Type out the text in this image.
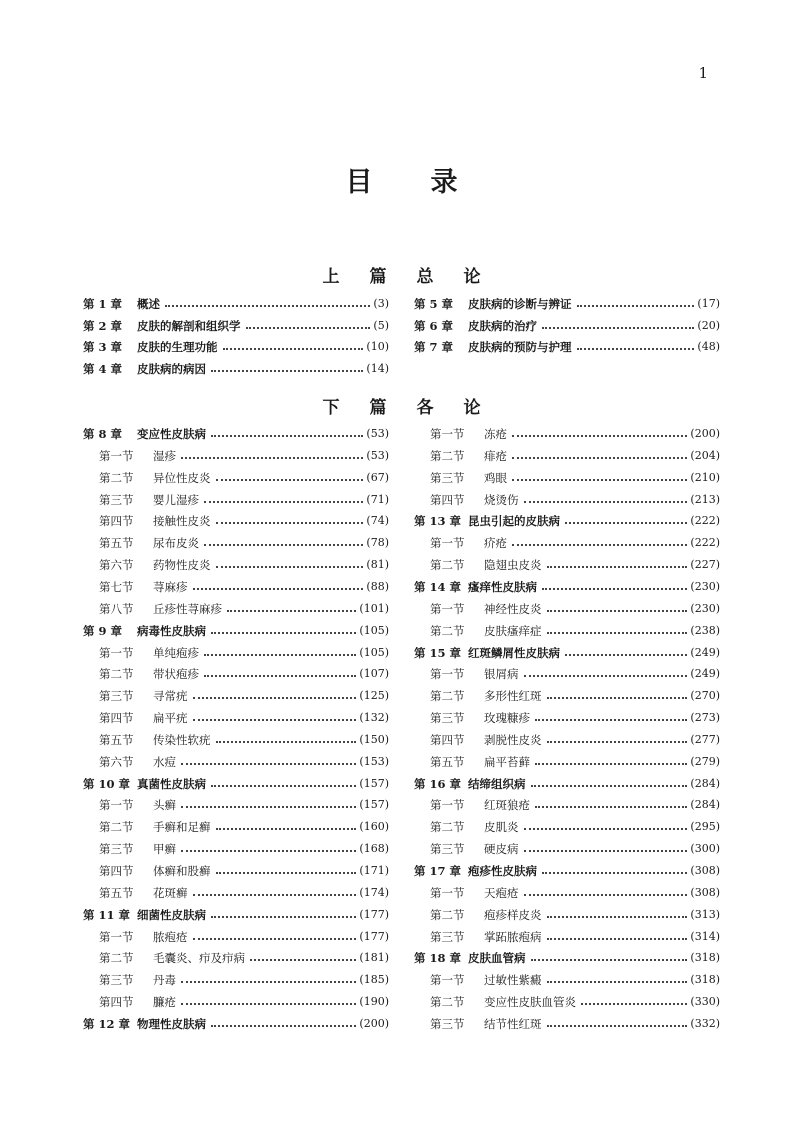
1
目录
上篇总论
第 1 章	概述	(3)
第 2 章	皮肤的解剖和组织学	(5)
第 3 章	皮肤的生理功能	(10)
第 4 章	皮肤病的病因	(14)
第 5 章	皮肤病的诊断与辨证	(17)
第 6 章	皮肤病的治疗	(20)
第 7 章	皮肤病的预防与护理	(48)
下篇各论
第 8 章	变应性皮肤病	(53)
第一节	湿疹	(53)
第二节	异位性皮炎	(67)
第三节	婴儿湿疹	(71)
第四节	接触性皮炎	(74)
第五节	尿布皮炎	(78)
第六节	药物性皮炎	(81)
第七节	荨麻疹	(88)
第八节	丘疹性荨麻疹	(101)
第 9 章	病毒性皮肤病	(105)
第一节	单纯疱疹	(105)
第二节	带状疱疹	(107)
第三节	寻常疣	(125)
第四节	扁平疣	(132)
第五节	传染性软疣	(150)
第六节	水痘	(153)
第 10 章 真菌性皮肤病	(157)
第一节	头癣	(157)
第二节	手癣和足癣	(160)
第三节	甲癣	(168)
第四节	体癣和股癣	(171)
第五节	花斑癣	(174)
第 11 章 细菌性皮肤病	(177)
第一节	脓疱疮	(177)
第二节	毛囊炎、疖及疖病	(181)
第三节	丹毒	(185)
第四节	臁疮	(190)
第 12 章 物理性皮肤病	(200)
第一节	冻疮	(200)
第二节	痱疮	(204)
第三节	鸡眼	(210)
第四节	烧烫伤	(213)
第 13 章 昆虫引起的皮肤病	(222)
第一节	疥疮	(222)
第二节	隐翅虫皮炎	(227)
第 14 章 瘙痒性皮肤病	(230)
第一节	神经性皮炎	(230)
第二节	皮肤瘙痒症	(238)
第 15 章 红斑鳞屑性皮肤病	(249)
第一节	银屑病	(249)
第二节	多形性红斑	(270)
第三节	玫瑰糠疹	(273)
第四节	剥脱性皮炎	(277)
第五节	扁平苔藓	(279)
第 16 章 结缔组织病	(284)
第一节	红斑狼疮	(284)
第二节	皮肌炎	(295)
第三节	硬皮病	(300)
第 17 章 疱疹性皮肤病	(308)
第一节	天疱疮	(308)
第二节	疱疹样皮炎	(313)
第三节	掌跖脓疱病	(314)
第 18 章 皮肤血管病	(318)
第一节	过敏性紫癜	(318)
第二节	变应性皮肤血管炎	(330)
第三节	结节性红斑	(332)
